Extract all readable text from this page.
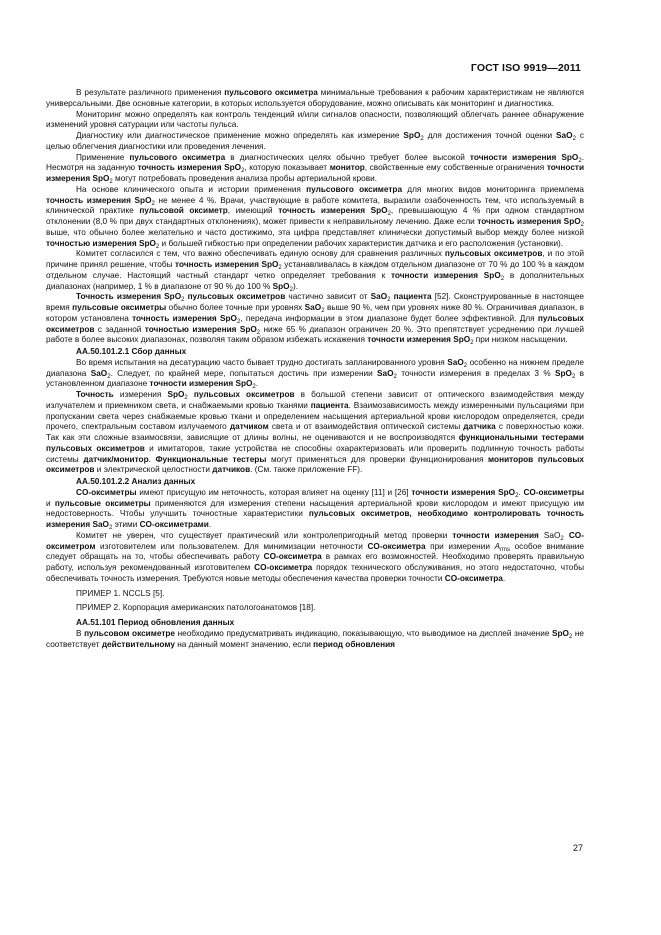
ГОСТ ISO 9919—2011

В результате различного применения пульсового оксиметра минимальные требования к рабочим характеристикам не являются универсальными. Две основные категории, в которых используется оборудование, можно описывать как мониторинг и диагностика.

Мониторинг можно определять как контроль тенденций и/или сигналов опасности, позволяющий облегчать раннее обнаружение изменений уровня сатурации или частоты пульса.

Диагностику или диагностическое применение можно определять как измерение SpO$_2$ для достижения точной оценки SaO$_2$ с целью облегчения диагностики или проведения лечения.

Применение пульсового оксиметра в диагностических целях обычно требует более высокой точности измерения SpO$_2$. Несмотря на заданную точность измерения SpO$_2$, которую показывает монитор, свойственные ему собственные ограничения точности измерения SpO$_2$ могут потребовать проведения анализа пробы артериальной крови.

На основе клинического опыта и истории применения пульсового оксиметра для многих видов мониторинга приемлема точность измерения SpO$_2$ не менее 4 %. Врачи, участвующие в работе комитета, выразили озабоченность тем, что используемый в клинической практике пульсовой оксиметр, имеющий точность измерения SpO$_2$, превышающую 4 % при одном стандартном отклонении (8,0 % при двух стандартных отклонениях), может привести к неправильному лечению. Даже если точность измерения SpO$_2$ выше, что обычно более желательно и часто достижимо, эта цифра представляет клинически допустимый выбор между более низкой точностью измерения SpO$_2$ и большей гибкостью при определении рабочих характеристик датчика и его расположения (установки).

Комитет согласился с тем, что важно обеспечивать единую основу для сравнения различных пульсовых оксиметров, и по этой причине принял решение, чтобы точность измерения SpO$_2$ устанавливалась в каждом отдельном диапазоне от 70 % до 100 % в каждом отдельном случае. Настоящий частный стандарт четко определяет требования к точности измерения SpO$_2$ в дополнительных диапазонах (например, 1 % в диапазоне от 90 % до 100 % SpO$_2$).

Точность измерения SpO$_2$ пульсовых оксиметров частично зависит от SaO$_2$ пациента [52]. Сконструированные в настоящее время пульсовые оксиметры обычно более точные при уровнях SaO$_2$ выше 90 %, чем при уровнях ниже 80 %. Ограничивая диапазон, в котором установлена точность измерения SpO$_2$, передача информации в этом диапазоне будет более эффективной. Для пульсовых оксиметров с заданной точностью измерения SpO$_2$ ниже 65 % диапазон ограничен 20 %. Это препятствует усреднению при лучшей работе в более высоких диапазонах, позволяя таким образом избежать искажения точности измерения SpO$_2$ при низком насыщении.

АА.50.101.2.1 Сбор данных

Во время испытания на десатурацию часто бывает трудно достигать запланированного уровня SaO$_2$ особенно на нижнем пределе диапазона SaO$_2$. Следует, по крайней мере, попытаться достичь при измерении SaO$_2$ точности измерения в пределах 3 % SpO$_2$ в установленном диапазоне точности измерения SpO$_2$.

Точность измерения SpO$_2$ пульсовых оксиметров в большой степени зависит от оптического взаимодействия между излучателем и приемником света, и снабжаемыми кровью тканями пациента. Взаимозависимость между измеренными пульсациями при пропускании света через снабжаемые кровью ткани и определением насыщения артериальной крови кислородом определяется, среди прочего, спектральным составом излучаемого датчиком света и от взаимодействия оптической системы датчика с поверхностью кожи. Так как эти сложные взаимосвязи, зависящие от длины волны, не оцениваются и не воспроизводятся функциональными тестерами пульсовых оксиметров и имитаторов, такие устройства не способны охарактеризовать или проверить подлинную точность работы системы датчик/монитор. Функциональные тестеры могут применяться для проверки функционирования мониторов пульсовых оксиметров и электрической целостности датчиков. (См. также приложение FF).

АА.50.101.2.2 Анализ данных

CO-оксиметры имеют присущую им неточность, которая влияет на оценку [11] и [26] точности измерения SpO$_2$. CO-оксиметры и пульсовые оксиметры применяются для измерения степени насыщения артериальной крови кислородом и имеют присущую им недостоверность. Чтобы улучшить точностные характеристики пульсовых оксиметров, необходимо контролировать точность измерения SaO$_2$ этими CO-оксиметрами.

Комитет не уверен, что существует практический или контролепригодный метод проверки точности измерения SaO$_2$ CO-оксиметром изготовителем или пользователем. Для минимизации неточности CO-оксиметра при измерении $A_{rms}$ особое внимание следует обращать на то, чтобы обеспечивать работу CO-оксиметра в рамках его возможностей. Необходимо проверять правильную работу, используя рекомендованный изготовителем CO-оксиметра порядок технического обслуживания, но этого недостаточно, чтобы обеспечивать точность измерения. Требуются новые методы обеспечения качества проверки точности CO-оксиметра.

ПРИМЕР 1. NCCLS [5].

ПРИМЕР 2. Корпорация американских патологоанатомов [18].

АА.51.101 Период обновления данных

В пульсовом оксиметре необходимо предусматривать индикацию, показывающую, что выводимое на дисплей значение SpO$_2$ не соответствует действительному на данный момент значению, если период обновления

27
